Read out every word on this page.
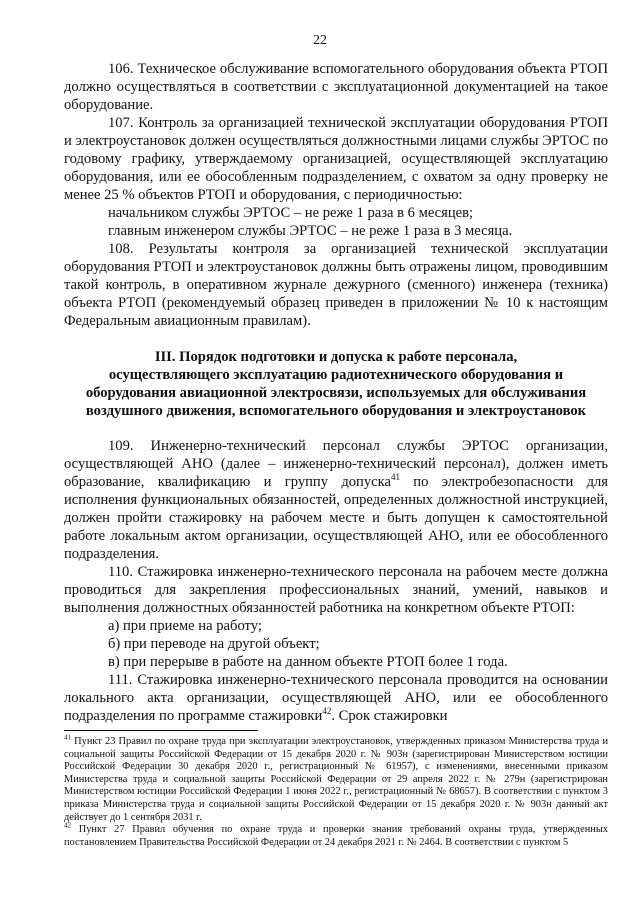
22

106. Техническое обслуживание вспомогательного оборудования объекта РТОП должно осуществляться в соответствии с эксплуатационной документацией на такое оборудование.

107. Контроль за организацией технической эксплуатации оборудования РТОП и электроустановок должен осуществляться должностными лицами службы ЭРТОС по годовому графику, утверждаемому организацией, осуществляющей эксплуатацию оборудования, или ее обособленным подразделением, с охватом за одну проверку не менее 25 % объектов РТОП и оборудования, с периодичностью:

начальником службы ЭРТОС – не реже 1 раза в 6 месяцев;

главным инженером службы ЭРТОС – не реже 1 раза в 3 месяца.

108. Результаты контроля за организацией технической эксплуатации оборудования РТОП и электроустановок должны быть отражены лицом, проводившим такой контроль, в оперативном журнале дежурного (сменного) инженера (техника) объекта РТОП (рекомендуемый образец приведен в приложении № 10 к настоящим Федеральным авиационным правилам).

III. Порядок подготовки и допуска к работе персонала,
осуществляющего эксплуатацию радиотехнического оборудования и
оборудования авиационной электросвязи, используемых для обслуживания
воздушного движения, вспомогательного оборудования и электроустановок

109. Инженерно-технический персонал службы ЭРТОС организации, осуществляющей АНО (далее – инженерно-технический персонал), должен иметь образование, квалификацию и группу допуска$^{41}$ по электробезопасности для исполнения функциональных обязанностей, определенных должностной инструкцией, должен пройти стажировку на рабочем месте и быть допущен к самостоятельной работе локальным актом организации, осуществляющей АНО, или ее обособленного подразделения.

110. Стажировка инженерно-технического персонала на рабочем месте должна проводиться для закрепления профессиональных знаний, умений, навыков и выполнения должностных обязанностей работника на конкретном объекте РТОП:

а) при приеме на работу;

б) при переводе на другой объект;

в) при перерыве в работе на данном объекте РТОП более 1 года.

111. Стажировка инженерно-технического персонала проводится на основании локального акта организации, осуществляющей АНО, или ее обособленного подразделения по программе стажировки$^{42}$. Срок стажировки

$^{41}$ Пункт 23 Правил по охране труда при эксплуатации электроустановок, утвержденных приказом Министерства труда и социальной защиты Российской Федерации от 15 декабря 2020 г. № 903н (зарегистрирован Министерством юстиции Российской Федерации 30 декабря 2020 г., регистрационный № 61957), с изменениями, внесенными приказом Министерства труда и социальной защиты Российской Федерации от 29 апреля 2022 г. № 279н (зарегистрирован Министерством юстиции Российской Федерации 1 июня 2022 г., регистрационный № 68657). В соответствии с пунктом 3 приказа Министерства труда и социальной защиты Российской Федерации от 15 декабря 2020 г. № 903н данный акт действует до 1 сентября 2031 г.

$^{42}$ Пункт 27 Правил обучения по охране труда и проверки знания требований охраны труда, утвержденных постановлением Правительства Российской Федерации от 24 декабря 2021 г. № 2464. В соответствии с пунктом 5
